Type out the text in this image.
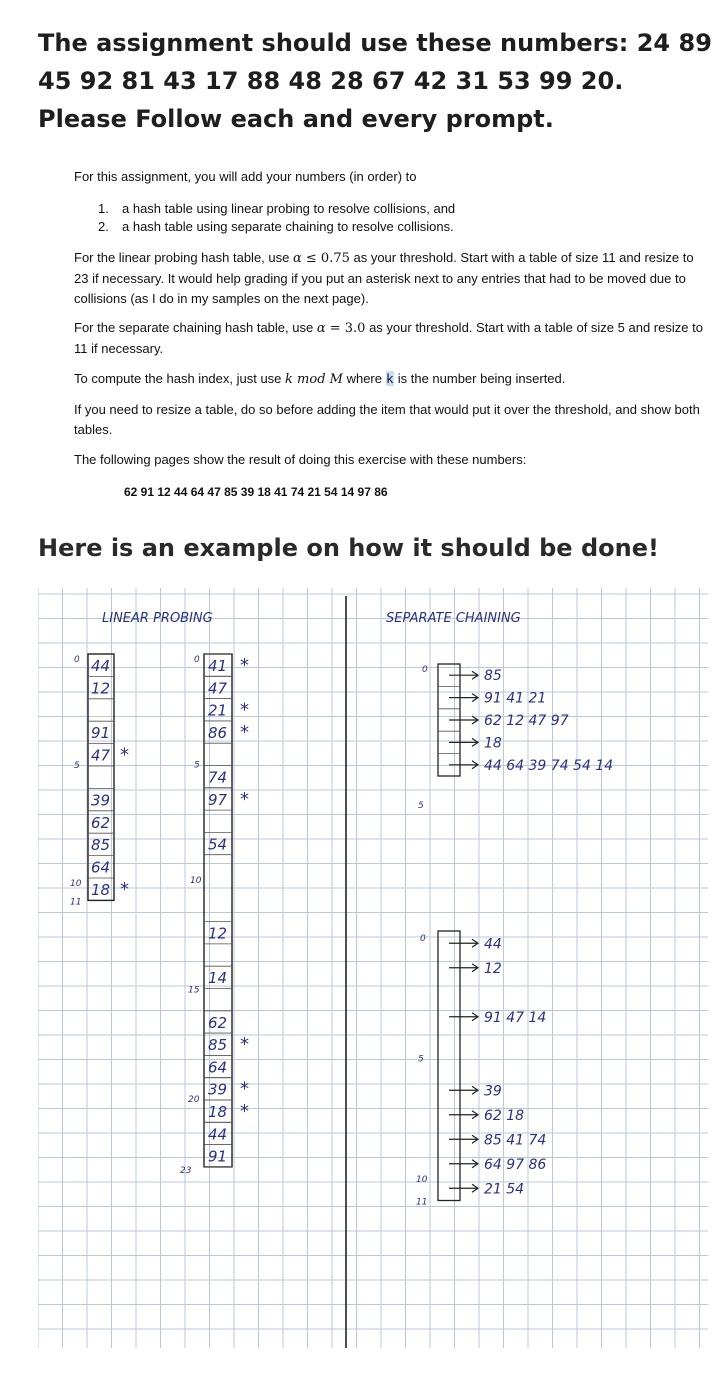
The assignment should use these numbers: 24 89 45 92 81 43 17 88 48 28 67 42 31 53 99 20. Please Follow each and every prompt.

For this assignment, you will add your numbers (in order) to

1. a hash table using linear probing to resolve collisions, and
2. a hash table using separate chaining to resolve collisions.

For the linear probing hash table, use α ≤ 0.75 as your threshold. Start with a table of size 11 and resize to 23 if necessary. It would help grading if you put an asterisk next to any entries that had to be moved due to collisions (as I do in my samples on the next page).

For the separate chaining hash table, use α = 3.0 as your threshold. Start with a table of size 5 and resize to 11 if necessary.

To compute the hash index, just use k mod M where k is the number being inserted.

If you need to resize a table, do so before adding the item that would put it over the threshold, and show both tables.

The following pages show the result of doing this exercise with these numbers:

62 91 12 44 64 47 85 39 18 41 74 21 54 14 97 86
Here is an example on how it should be done!
LINEAR PROBING	SEPARATE CHAINING
44
12
91
47 *
39
62
85
64
18 *
0
5
10
11
41 *
47
21 *
86 *
74
97 *
54
12
14
62
85 *
64
39 *
18 *
44
91
0
5
10
15
20
23
85
91 41 21
62 12 47 97
18
44 64 39 74 54 14
0
5
44
12
91 47 14
39
62 18
85 41 74
64 97 86
21 54
0
5
10
11
